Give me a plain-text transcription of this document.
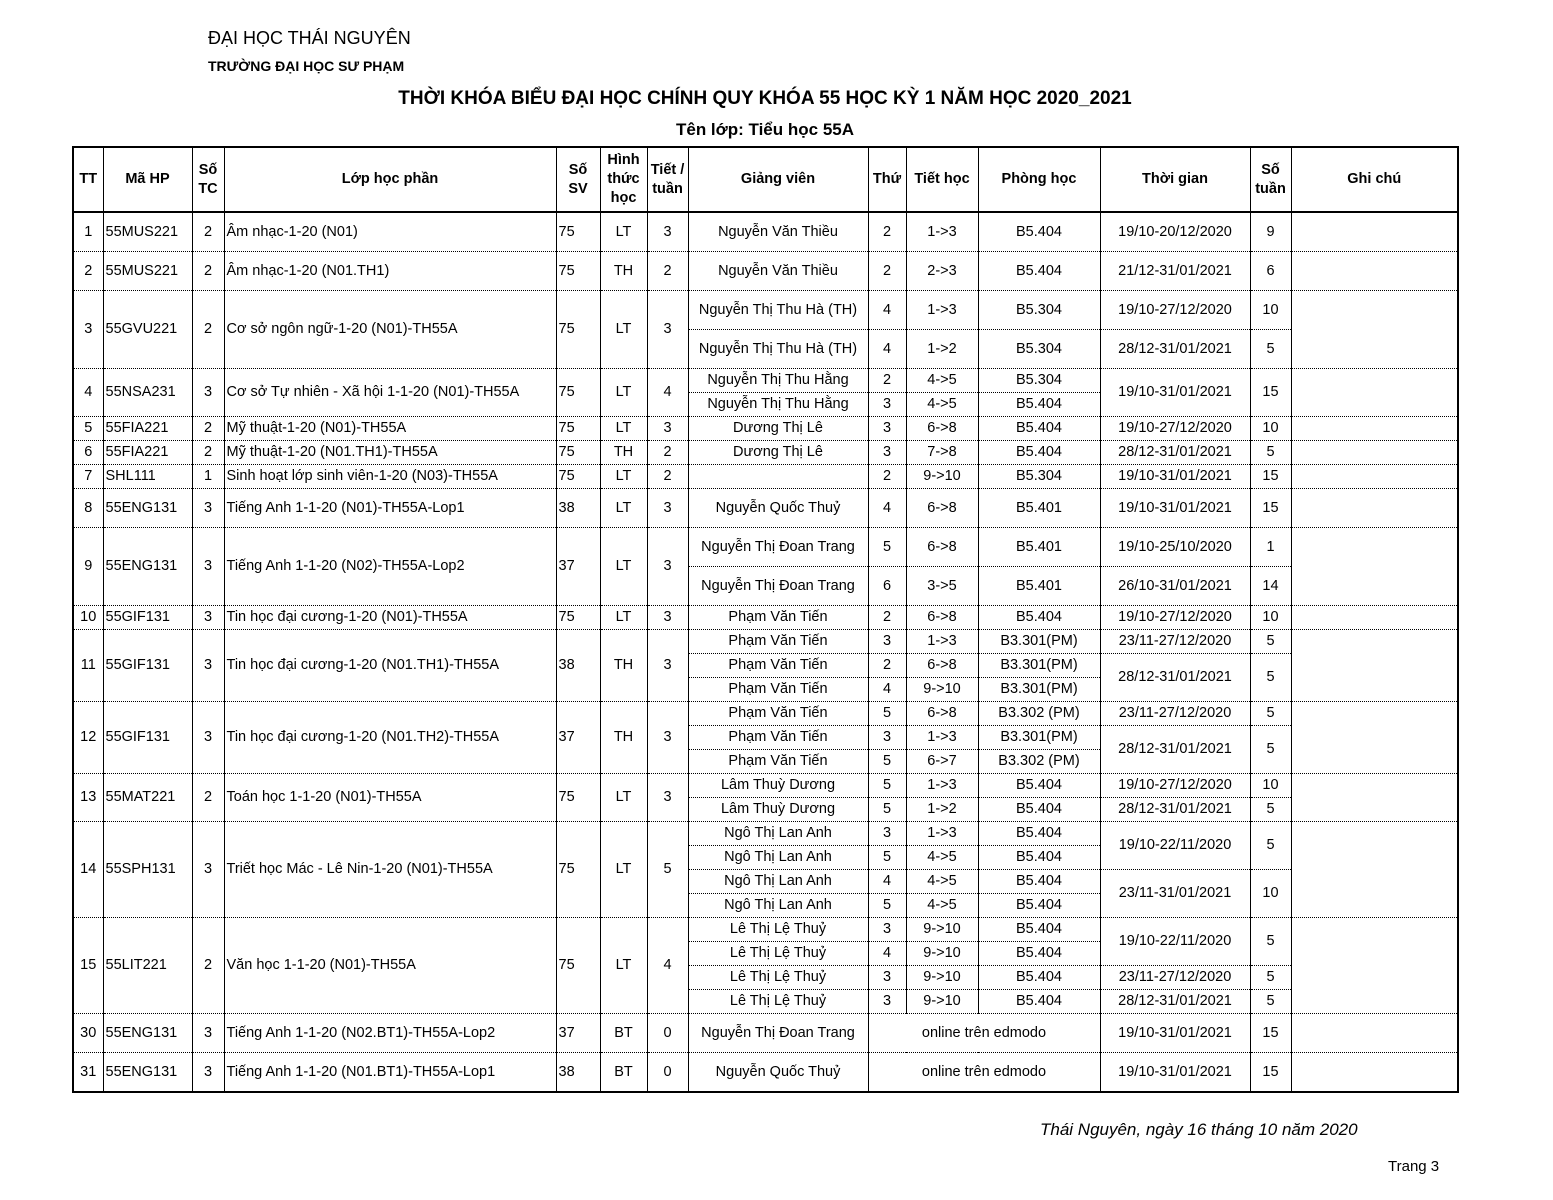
ĐẠI HỌC THÁI NGUYÊN
TRƯỜNG ĐẠI HỌC SƯ PHẠM
THỜI KHÓA BIỂU ĐẠI HỌC CHÍNH QUY KHÓA 55 HỌC KỲ 1 NĂM HỌC 2020_2021
Tên lớp: Tiểu học 55A
TT	Mã HP	Số TC	Lớp học phần	Số SV	Hình thức học	Tiết / tuần	Giảng viên	Thứ	Tiết học	Phòng học	Thời gian	Số tuần	Ghi chú
1	55MUS221	2	Âm nhạc-1-20 (N01)	75	LT	3	Nguyễn Văn Thiều	2	1->3	B5.404	19/10-20/12/2020	9	
2	55MUS221	2	Âm nhạc-1-20 (N01.TH1)	75	TH	2	Nguyễn Văn Thiều	2	2->3	B5.404	21/12-31/01/2021	6	
3	55GVU221	2	Cơ sở ngôn ngữ-1-20 (N01)-TH55A	75	LT	3	Nguyễn Thị Thu Hà (TH)	4	1->3	B5.304	19/10-27/12/2020	10	
							Nguyễn Thị Thu Hà (TH)	4	1->2	B5.304	28/12-31/01/2021	5	
4	55NSA231	3	Cơ sở Tự nhiên - Xã hội 1-1-20 (N01)-TH55A	75	LT	4	Nguyễn Thị Thu Hằng	2	4->5	B5.304	19/10-31/01/2021	15	
							Nguyễn Thị Thu Hằng	3	4->5	B5.404			
5	55FIA221	2	Mỹ thuật-1-20 (N01)-TH55A	75	LT	3	Dương Thị Lê	3	6->8	B5.404	19/10-27/12/2020	10	
6	55FIA221	2	Mỹ thuật-1-20 (N01.TH1)-TH55A	75	TH	2	Dương Thị Lê	3	7->8	B5.404	28/12-31/01/2021	5	
7	SHL111	1	Sinh hoạt lớp sinh viên-1-20 (N03)-TH55A	75	LT	2		2	9->10	B5.304	19/10-31/01/2021	15	
8	55ENG131	3	Tiếng Anh 1-1-20 (N01)-TH55A-Lop1	38	LT	3	Nguyễn Quốc Thuỷ	4	6->8	B5.401	19/10-31/01/2021	15	
9	55ENG131	3	Tiếng Anh 1-1-20 (N02)-TH55A-Lop2	37	LT	3	Nguyễn Thị Đoan Trang	5	6->8	B5.401	19/10-25/10/2020	1	
							Nguyễn Thị Đoan Trang	6	3->5	B5.401	26/10-31/01/2021	14	
10	55GIF131	3	Tin học đại cương-1-20 (N01)-TH55A	75	LT	3	Phạm Văn Tiến	2	6->8	B5.404	19/10-27/12/2020	10	
11	55GIF131	3	Tin học đại cương-1-20 (N01.TH1)-TH55A	38	TH	3	Phạm Văn Tiến	3	1->3	B3.301(PM)	23/11-27/12/2020	5	
							Phạm Văn Tiến	2	6->8	B3.301(PM)	28/12-31/01/2021	5	
							Phạm Văn Tiến	4	9->10	B3.301(PM)			
12	55GIF131	3	Tin học đại cương-1-20 (N01.TH2)-TH55A	37	TH	3	Phạm Văn Tiến	5	6->8	B3.302 (PM)	23/11-27/12/2020	5	
							Phạm Văn Tiến	3	1->3	B3.301(PM)	28/12-31/01/2021	5	
							Phạm Văn Tiến	5	6->7	B3.302 (PM)			
13	55MAT221	2	Toán học 1-1-20 (N01)-TH55A	75	LT	3	Lâm Thuỳ Dương	5	1->3	B5.404	19/10-27/12/2020	10	
							Lâm Thuỳ Dương	5	1->2	B5.404	28/12-31/01/2021	5	
14	55SPH131	3	Triết học Mác - Lê Nin-1-20 (N01)-TH55A	75	LT	5	Ngô Thị Lan Anh	3	1->3	B5.404	19/10-22/11/2020	5	
							Ngô Thị Lan Anh	5	4->5	B5.404			
							Ngô Thị Lan Anh	4	4->5	B5.404	23/11-31/01/2021	10	
							Ngô Thị Lan Anh	5	4->5	B5.404			
15	55LIT221	2	Văn học 1-1-20 (N01)-TH55A	75	LT	4	Lê Thị Lệ Thuỷ	3	9->10	B5.404	19/10-22/11/2020	5	
							Lê Thị Lệ Thuỷ	4	9->10	B5.404			
							Lê Thị Lệ Thuỷ	3	9->10	B5.404	23/11-27/12/2020	5	
							Lê Thị Lệ Thuỷ	3	9->10	B5.404	28/12-31/01/2021	5	
30	55ENG131	3	Tiếng Anh 1-1-20 (N02.BT1)-TH55A-Lop2	37	BT	0	Nguyễn Thị Đoan Trang	online trên edmodo			19/10-31/01/2021	15	
31	55ENG131	3	Tiếng Anh 1-1-20 (N01.BT1)-TH55A-Lop1	38	BT	0	Nguyễn Quốc Thuỷ	online trên edmodo			19/10-31/01/2021	15	
Thái Nguyên, ngày 16 tháng 10 năm 2020
Trang 3
